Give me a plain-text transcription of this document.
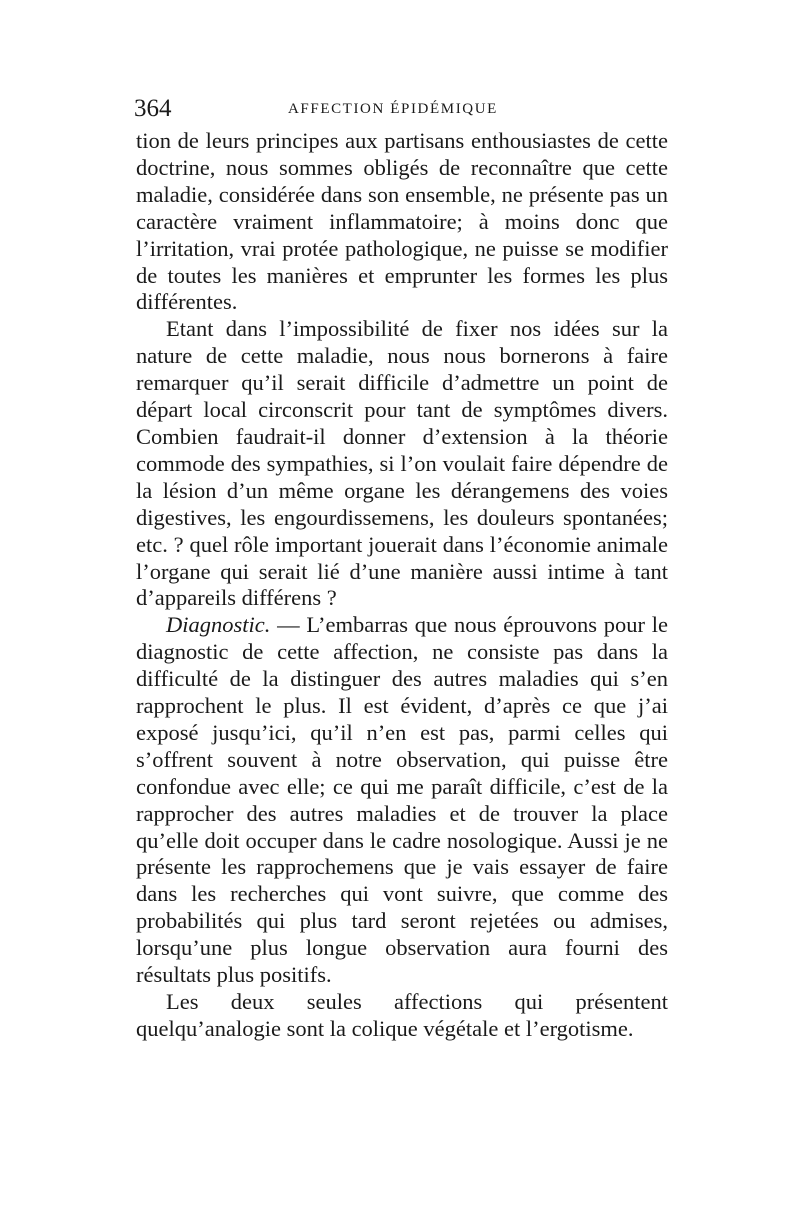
364	AFFECTION ÉPIDÉMIQUE

tion de leurs principes aux partisans enthousiastes de cette doctrine, nous sommes obligés de reconnaître que cette maladie, considérée dans son ensemble, ne présente pas un caractère vraiment inflammatoire; à moins donc que l’irritation, vrai protée pathologique, ne puisse se modifier de toutes les manières et emprunter les formes les plus différentes.

Etant dans l’impossibilité de fixer nos idées sur la nature de cette maladie, nous nous bornerons à faire remarquer qu’il serait difficile d’admettre un point de départ local circonscrit pour tant de symptômes divers. Combien faudrait-il donner d’extension à la théorie commode des sympathies, si l’on voulait faire dépendre de la lésion d’un même organe les dérangemens des voies digestives, les engourdissemens, les douleurs spontanées; etc. ? quel rôle important jouerait dans l’économie animale l’organe qui serait lié d’une manière aussi intime à tant d’appareils différens ?

Diagnostic. — L’embarras que nous éprouvons pour le diagnostic de cette affection, ne consiste pas dans la difficulté de la distinguer des autres maladies qui s’en rapprochent le plus. Il est évident, d’après ce que j’ai exposé jusqu’ici, qu’il n’en est pas, parmi celles qui s’offrent souvent à notre observation, qui puisse être confondue avec elle; ce qui me paraît difficile, c’est de la rapprocher des autres maladies et de trouver la place qu’elle doit occuper dans le cadre nosologique. Aussi je ne présente les rapprochemens que je vais essayer de faire dans les recherches qui vont suivre, que comme des probabilités qui plus tard seront rejetées ou admises, lorsqu’une plus longue observation aura fourni des résultats plus positifs.

Les deux seules affections qui présentent quelqu’analogie sont la colique végétale et l’ergotisme.
